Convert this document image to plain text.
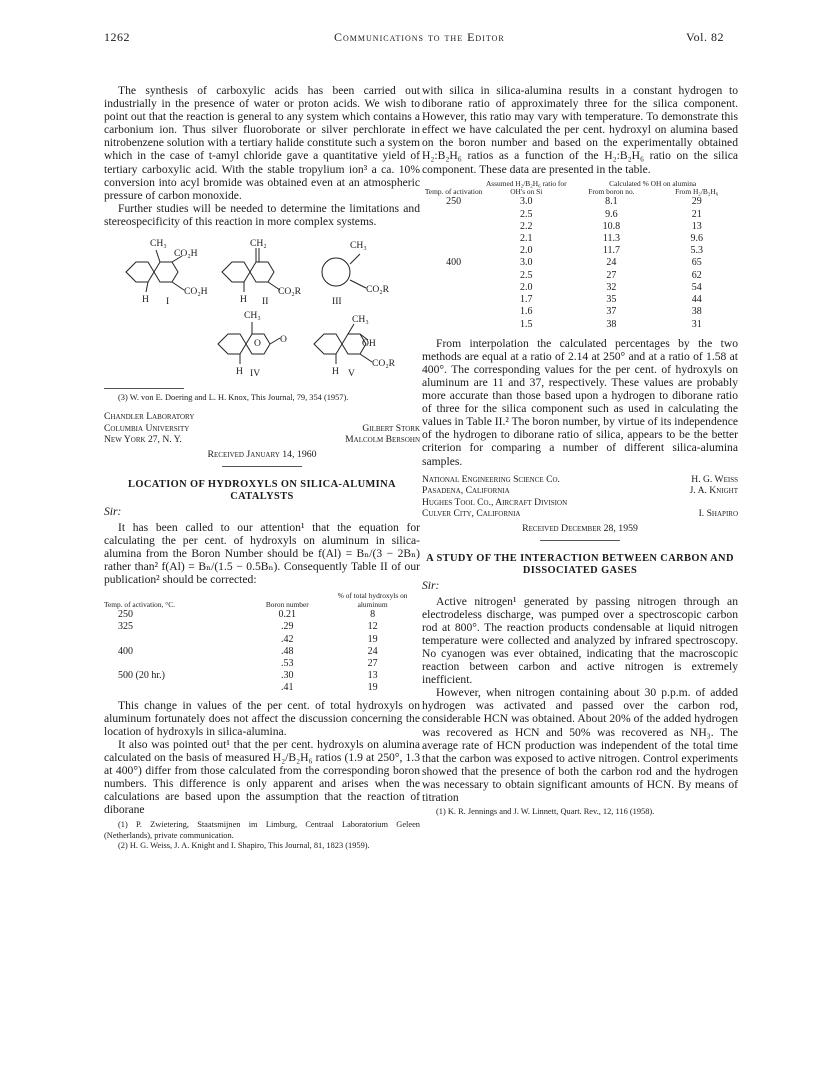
1262	Communications to the Editor	Vol. 82

The synthesis of carboxylic acids has been carried out industrially in the presence of water or proton acids. We wish to point out that the reaction is general to any system which contains a carbonium ion. Thus silver fluoroborate or silver perchlorate in nitrobenzene solution with a tertiary halide constitute such a system which in the case of t-amyl chloride gave a quantitative yield of tertiary carboxylic acid. With the stable tropylium ion³ a ca. 10% conversion into acyl bromide was obtained even at an atmospheric pressure of carbon monoxide.

Further studies will be needed to determine the limitations and stereospecificity of this reaction in more complex systems.

CH₃
CO₂H
CO₂H
H I
CH₂
CO₂R
H II
CH₃
CO₂R
III
CH₃
O O
H IV
CH₃
OH
CO₂R
H V

(3) W. von E. Doering and L. H. Knox, This Journal, 79, 354 (1957).

Chandler Laboratory
Columbia University	Gilbert Stork
New York 27, N. Y.	Malcolm Bersohn
Received January 14, 1960
LOCATION OF HYDROXYLS ON SILICA-ALUMINA CATALYSTS
Sir:

It has been called to our attention¹ that the equation for calculating the per cent. of hydroxyls on aluminum in silica-alumina from the Boron Number should be f(Al) = Bₙ/(3 − 2Bₙ) rather than² f(Al) = Bₙ/(1.5 − 0.5Bₙ). Consequently Table II of our publication² should be corrected:

Temp. of activation, °C.	Boron number	% of total hydroxyls on aluminum
250	0.21	8
325	.29	12
	.42	19
400	.48	24
	.53	27
500 (20 hr.)	.30	13
	.41	19

This change in values of the per cent. of total hydroxyls on aluminum fortunately does not affect the discussion concerning the location of hydroxyls in silica-alumina.

It also was pointed out¹ that the per cent. hydroxyls on alumina calculated on the basis of measured H₂/B₂H₆ ratios (1.9 at 250°, 1.3 at 400°) differ from those calculated from the corresponding boron numbers. This difference is only apparent and arises when the calculations are based upon the assumption that the reaction of diborane

(1) P. Zwietering, Staatsmijnen im Limburg, Centraal Laboratorium Geleen (Netherlands), private communication.

(2) H. G. Weiss, J. A. Knight and I. Shapiro, This Journal, 81, 1823 (1959).

with silica in silica-alumina results in a constant hydrogen to diborane ratio of approximately three for the silica component. However, this ratio may vary with temperature. To demonstrate this effect we have calculated the per cent. hydroxyl on alumina based on the boron number and based on the experimentally obtained H₂:B₂H₆ ratios as a function of the H₂:B₂H₆ ratio on the silica component. These data are presented in the table.

Temp. of activation	Assumed H₂/B₂H₆ ratio for OH's on Si	Calculated % OH on alumina	
		From boron no.	From H₂/B₂H₆
250	3.0	8.1	29
	2.5	9.6	21
	2.2	10.8	13
	2.1	11.3	9.6
	2.0	11.7	5.3
400	3.0	24	65
	2.5	27	62
	2.0	32	54
	1.7	35	44
	1.6	37	38
	1.5	38	31

From interpolation the calculated percentages by the two methods are equal at a ratio of 2.14 at 250° and at a ratio of 1.58 at 400°. The corresponding values for the per cent. of hydroxyls on aluminum are 11 and 37, respectively. These values are probably more accurate than those based upon a hydrogen to diborane ratio of three for the silica component such as used in calculating the values in Table II.² The boron number, by virtue of its independence of the hydrogen to diborane ratio of silica, appears to be the better criterion for comparing a number of different silica-alumina samples.

National Engineering Science Co.	H. G. Weiss
Pasadena, California	J. A. Knight
Hughes Tool Co., Aircraft Division
Culver City, California	I. Shapiro
Received December 28, 1959
A STUDY OF THE INTERACTION BETWEEN CARBON AND DISSOCIATED GASES
Sir:

Active nitrogen¹ generated by passing nitrogen through an electrodeless discharge, was pumped over a spectroscopic carbon rod at 800°. The reaction products condensable at liquid nitrogen temperature were collected and analyzed by infrared spectroscopy. No cyanogen was ever obtained, indicating that the macroscopic reaction between carbon and active nitrogen is extremely inefficient.

However, when nitrogen containing about 30 p.p.m. of added hydrogen was activated and passed over the carbon rod, considerable HCN was obtained. About 20% of the added hydrogen was recovered as HCN and 50% was recovered as NH₃. The average rate of HCN production was independent of the total time that the carbon was exposed to active nitrogen. Control experiments showed that the presence of both the carbon rod and the hydrogen was necessary to obtain significant amounts of HCN. By means of titration

(1) K. R. Jennings and J. W. Linnett, Quart. Rev., 12, 116 (1958).
